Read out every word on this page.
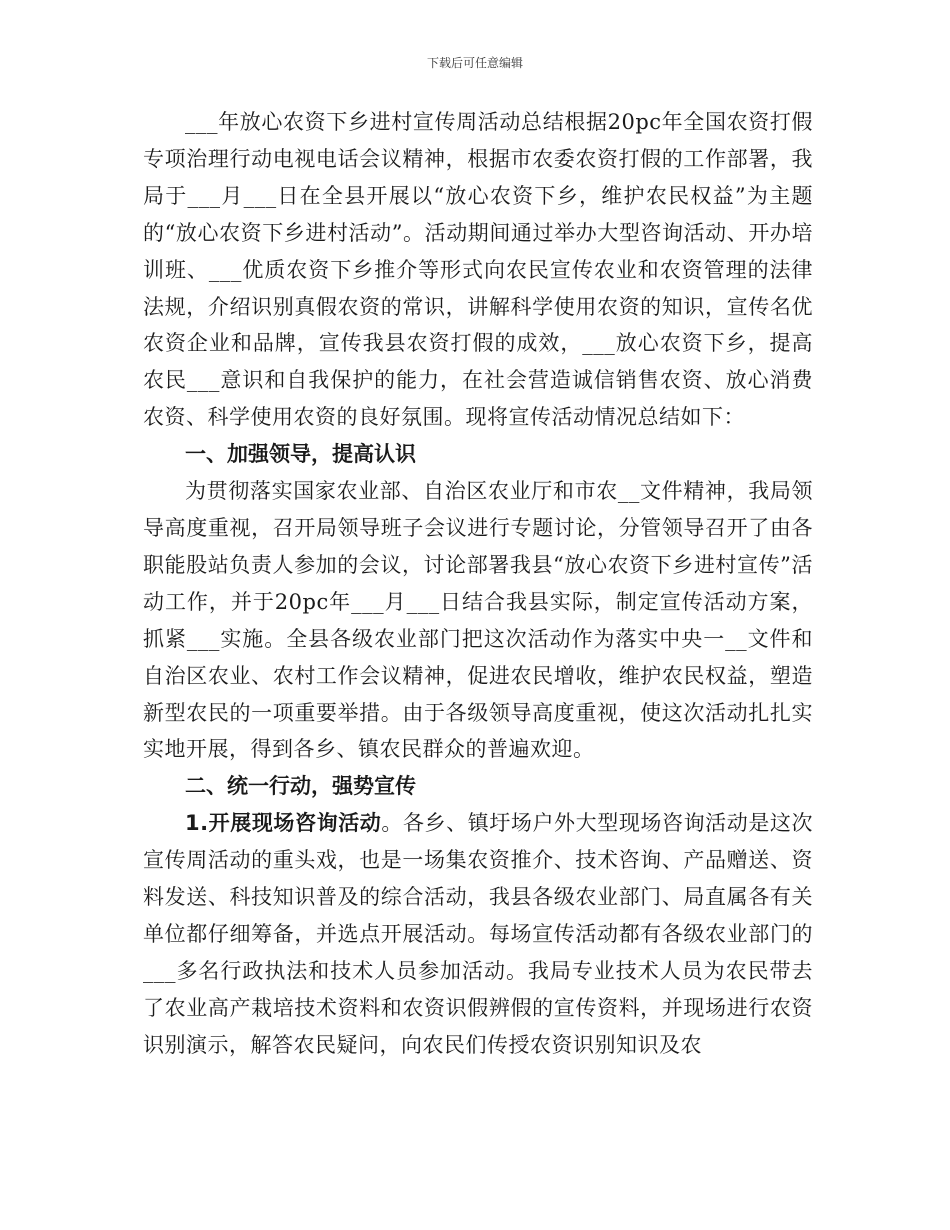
下载后可任意编辑

___年放心农资下乡进村宣传周活动总结根据20pc年全国农资打假专项治理行动电视电话会议精神，根据市农委农资打假的工作部署，我局于___月___日在全县开展以“放心农资下乡，维护农民权益”为主题的“放心农资下乡进村活动”。活动期间通过举办大型咨询活动、开办培训班、___优质农资下乡推介等形式向农民宣传农业和农资管理的法律法规，介绍识别真假农资的常识，讲解科学使用农资的知识，宣传名优农资企业和品牌，宣传我县农资打假的成效，___放心农资下乡，提高农民___意识和自我保护的能力，在社会营造诚信销售农资、放心消费农资、科学使用农资的良好氛围。现将宣传活动情况总结如下：

一、加强领导，提高认识

为贯彻落实国家农业部、自治区农业厅和市农__文件精神，我局领导高度重视，召开局领导班子会议进行专题讨论，分管领导召开了由各职能股站负责人参加的会议，讨论部署我县“放心农资下乡进村宣传”活动工作，并于20pc年___月___日结合我县实际，制定宣传活动方案，抓紧___实施。全县各级农业部门把这次活动作为落实中央一__文件和自治区农业、农村工作会议精神，促进农民增收，维护农民权益，塑造新型农民的一项重要举措。由于各级领导高度重视，使这次活动扎扎实实地开展，得到各乡、镇农民群众的普遍欢迎。

二、统一行动，强势宣传

1.开展现场咨询活动。各乡、镇圩场户外大型现场咨询活动是这次宣传周活动的重头戏，也是一场集农资推介、技术咨询、产品赠送、资料发送、科技知识普及的综合活动，我县各级农业部门、局直属各有关单位都仔细筹备，并选点开展活动。每场宣传活动都有各级农业部门的___多名行政执法和技术人员参加活动。我局专业技术人员为农民带去了农业高产栽培技术资料和农资识假辨假的宣传资料，并现场进行农资识别演示，解答农民疑问，向农民们传授农资识别知识及农
